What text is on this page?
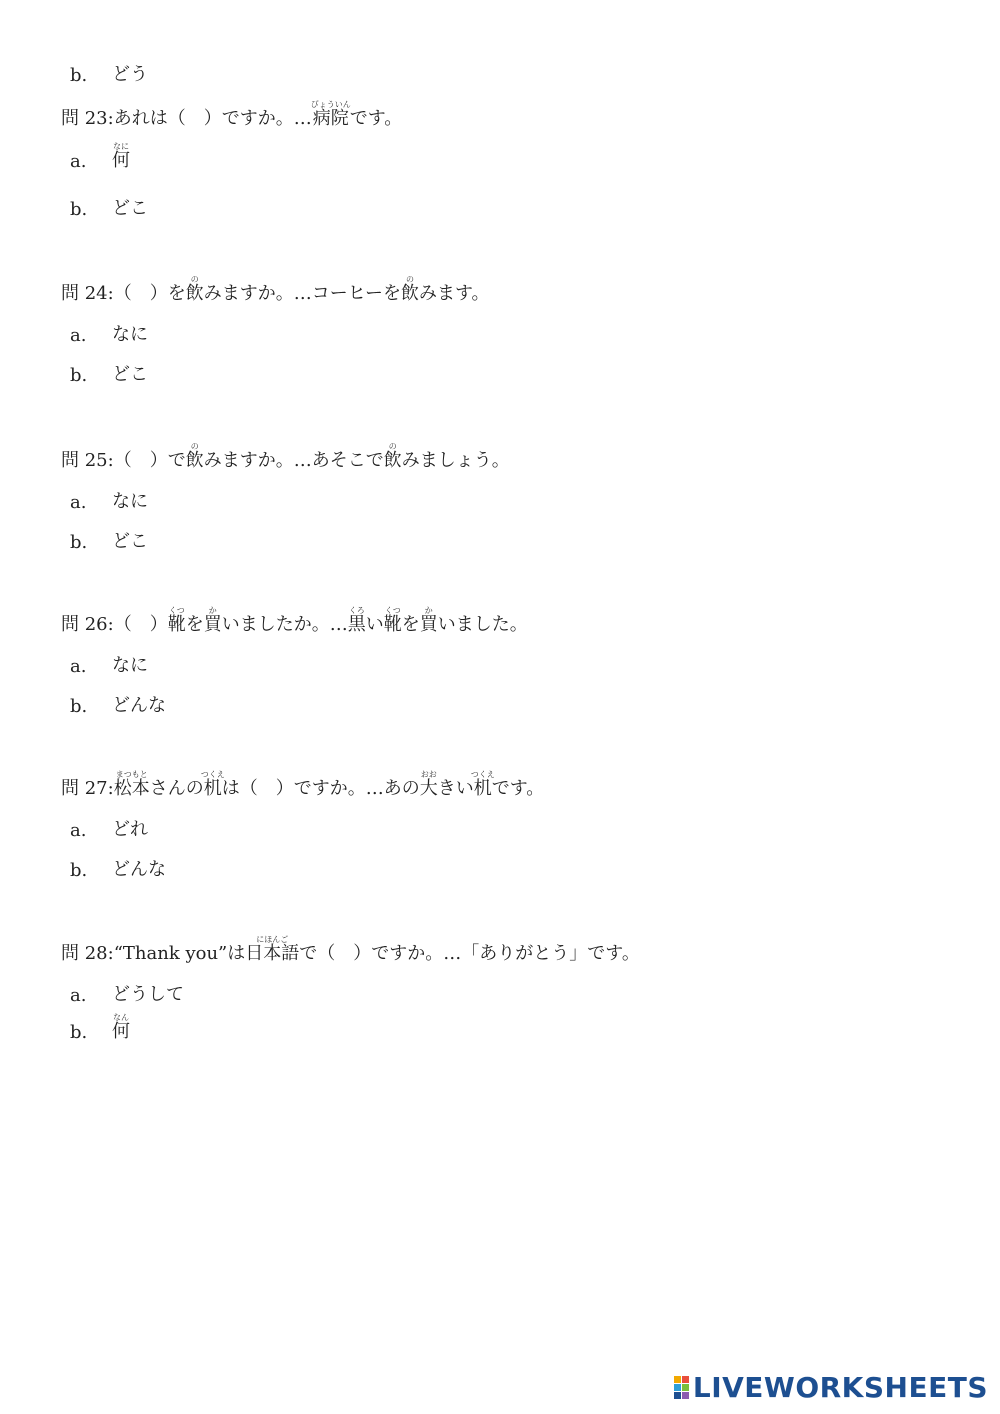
b.	どう
問 23:あれは（　）ですか。…病院びょういんです。
a.	何なに
b.	どこ
問 24:（　）を飲のみますか。…コーヒーを飲のみます。
a.	なに
b.	どこ
問 25:（　）で飲のみますか。…あそこで飲のみましょう。
a.	なに
b.	どこ
問 26:（　）靴くつを買かいましたか。…黒くろい靴くつを買かいました。
a.	なに
b.	どんな
問 27:松本まつもとさんの机つくえは（　）ですか。…あの大おおきい机つくえです。
a.	どれ
b.	どんな
問 28:“Thank you”は日本語にほんごで（　）ですか。…「ありがとう」です。
a.	どうして
b.	何なん
LIVEWORKSHEETS
